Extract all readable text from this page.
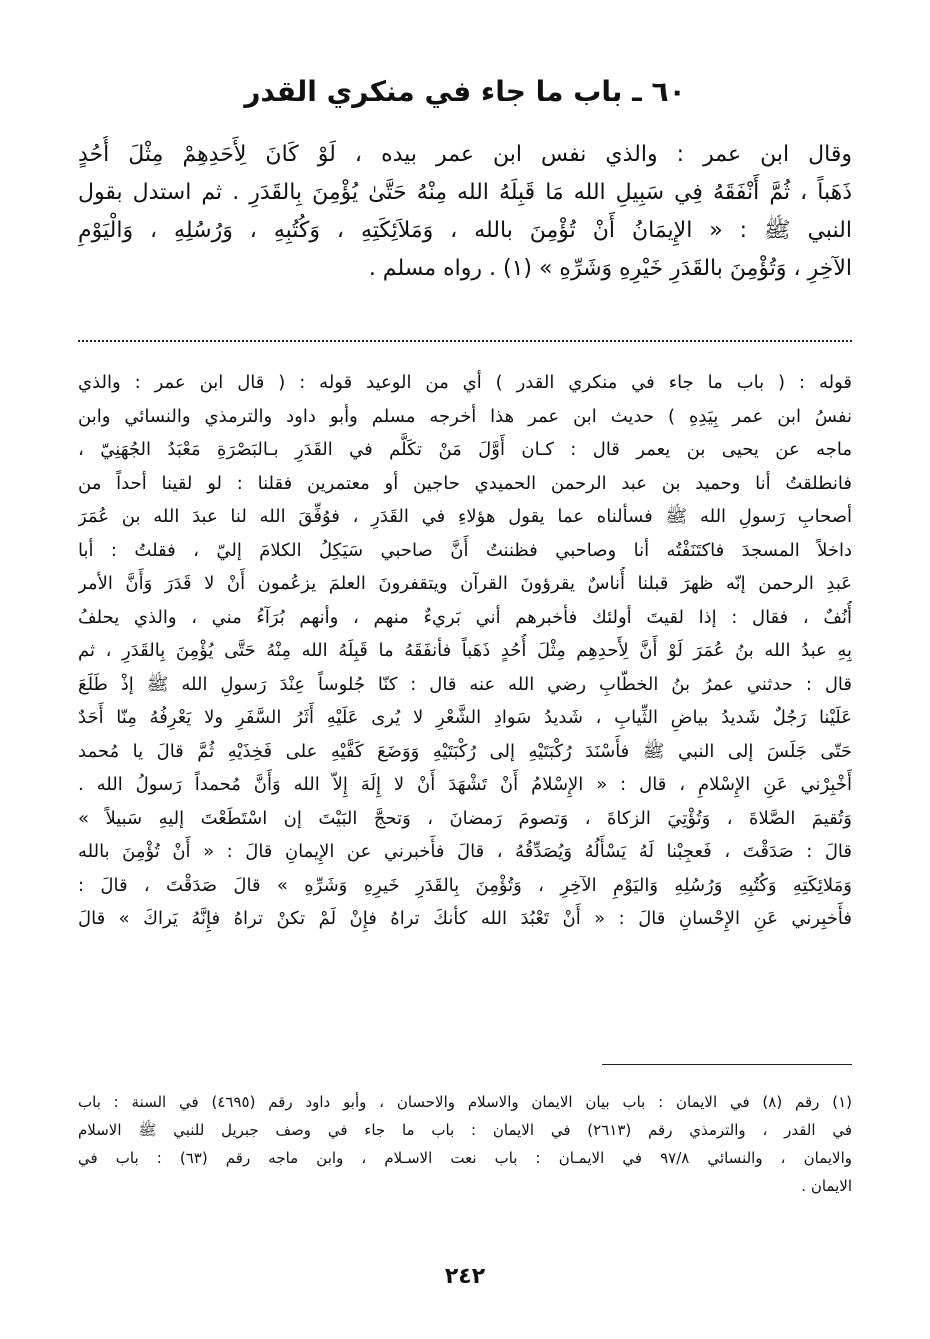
٦٠ ـ باب ما جاء في منكري القدر
وقال ابن عمر : والذي نفس ابن عمر بيده ، لَوْ كَانَ لِأَحَدِهِمْ مِثْلَ أُحُدٍ
ذَهَباً ، ثُمَّ أَنْفَقَهُ فِي سَبِيلِ الله مَا قَبِلَهُ الله مِنْهُ حَتَّىٰ يُؤْمِنَ بِالقَدَرِ . ثم استدل بقول
النبي ﷺ : « الإِيمَانُ أَنْ تُؤْمِنَ بالله ، وَمَلاَئِكَتِهِ ، وَكُتُبِهِ ، وَرُسُلِهِ ، وَالْيَوْمِ
الآخِرِ ، وَتُؤْمِنَ بالقَدَرِ خَيْرِهِ وَشَرِّهِ » (١) . رواه مسلم .
قوله : ( باب ما جاء في منكري القدر ) أي من الوعيد قوله : ( قال ابن عمر : والذي
نفسُ ابن عمر بِيَدِهِ ) حديث ابن عمر هذا أخرجه مسلم وأبو داود والترمذي والنسائي وابن
ماجه عن يحيى بن يعمر قال : كـان أَوَّلَ مَنْ تكَلَّم في القَدَرِ بـالبَصْرَةِ مَعْبَدُ الجُهَنِيّ ،
فانطلقتُ أنا وحميد بن عبد الرحمن الحميدي حاجين أو معتمرين فقلنا : لو لقينا أحداً من
أصحابِ رَسولِ الله ﷺ فسألناه عما يقول هؤلاءِ في القَدَرِ ، فوُفِّقَ الله لنا عبدَ الله بن عُمَرَ
داخلاً المسجدَ فاكتَنَفْتُه أنا وصاحبي فظننتُ أَنَّ صاحبي سَيَكِلُ الكلامَ إليّ ، فقلتُ : أبا
عَبدِ الرحمن إنّه ظهرَ قبلنا أُناسٌ يقرؤونَ القرآن ويتقفرونَ العلمَ يزعُمون أَنْ لا قَدَرَ وَأَنَّ الأمر
أُنُفٌ ، فقال : إذا لقيتَ أولئك فأخبرهم أني بَريءٌ منهم ، وأنهم بُرَآءُ مني ، والذي يحلفُ
بِهِ عبدُ الله بنُ عُمَرَ لَوْ أَنَّ لِأَحدِهِم مِثْلَ أُحُدٍ ذَهَباً فأنفَقَهُ ما قَبِلَهُ الله مِنْهُ حَتَّى يُؤْمِنَ بِالقَدَرِ ، ثم
قال : حدثني عمرُ بنُ الخطّابِ رضي الله عنه قال : كنّا جُلوساً عِنْدَ رَسولِ الله ﷺ إذْ طَلَعَ
عَلَيْنا رَجُلٌ شَديدُ بياضِ الثِّيابِ ، شَديدُ سَوادِ الشَّعْرِ لا يُرى عَلَيْهِ أَثَرُ السَّفَرِ ولا يَعْرِفُهُ مِنّا أَحَدٌ
حَتّى جَلَسَ إلى النبي ﷺ فأَسْنَدَ رُكْبَتَيْهِ إلى رُكْبَتَيْهِ وَوَضَعَ كَفَّيْهِ على فَخِذَيْهِ ثُمَّ قالَ يا مُحمد
أَخْبِرْني عَنِ الإِسْلامِ ، قال : « الإِسْلامُ أَنْ تَشْهَدَ أَنْ لا إِلَهَ إِلاّ الله وَأَنَّ مُحمداً رَسولُ الله .
وَتُقيمَ الصَّلاةَ ، وَتُؤْتِيَ الزكاةَ ، وَتصومَ رَمضانَ ، وَتحجَّ البَيْتَ إن اسْتَطَعْتَ إليهِ سَبيلاً »
قالَ : صَدَقْتَ ، فَعجِبْنا لَهُ يَسْأَلُهُ وَيُصَدِّقُهُ ، قالَ فأَخبرني عن الإِيمانِ قالَ : « أَنْ تُؤْمِنَ بالله
وَمَلائِكَتِهِ وَكُتُبِهِ وَرُسُلِهِ وَاليَوْمِ الآخِرِ ، وَتُؤْمِنَ بِالقَدَرِ خَيرِهِ وَشَرِّهِ » قالَ صَدَقْتَ ، قالَ :
فأَخبِرني عَنِ الإِحْسانِ قالَ : « أَنْ تَعْبُدَ الله كأنكَ تراهُ فإِنْ لَمْ تكنْ تراهُ فإِنَّهُ يَراكَ » قالَ
(١) رقم (٨) في الايمان : باب بيان الايمان والاسلام والاحسان ، وأبو داود رقم (٤٦٩٥) في السنة : باب
في القدر ، والترمذي رقم (٢٦١٣) في الايمان : باب ما جاء في وصف جبريل للنبي ﷺ الاسلام
والايمان ، والنسائي ٩٧/٨ في الايمـان : باب نعت الاسـلام ، وابن ماجه رقم (٦٣) : باب في
الايمان .
٢٤٢
